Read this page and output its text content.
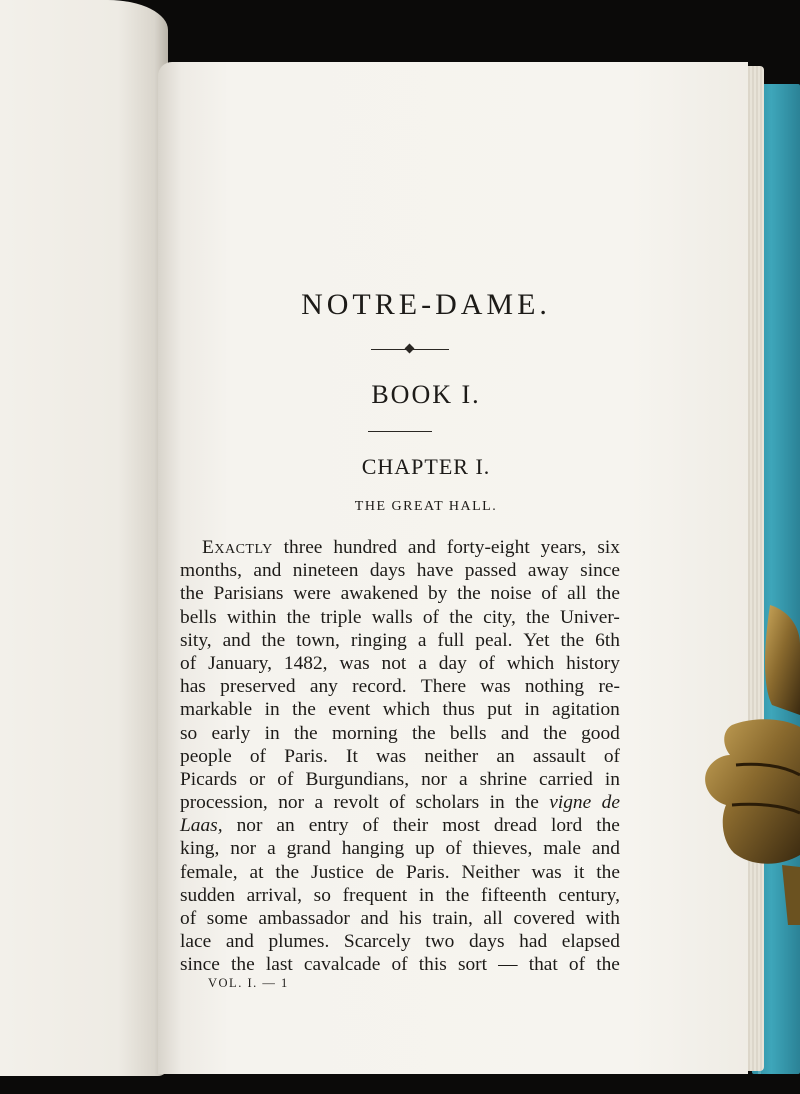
NOTRE-DAME.
BOOK I.
CHAPTER I.
THE GREAT HALL.
Exactly three hundred and forty-eight years, six
months, and nineteen days have passed away since
the Parisians were awakened by the noise of all the
bells within the triple walls of the city, the Univer-
sity, and the town, ringing a full peal. Yet the 6th
of January, 1482, was not a day of which history
has preserved any record. There was nothing re-
markable in the event which thus put in agitation
so early in the morning the bells and the good
people of Paris. It was neither an assault of
Picards or of Burgundians, nor a shrine carried in
procession, nor a revolt of scholars in the vigne de
Laas, nor an entry of their most dread lord the
king, nor a grand hanging up of thieves, male and
female, at the Justice de Paris. Neither was it the
sudden arrival, so frequent in the fifteenth century,
of some ambassador and his train, all covered with
lace and plumes. Scarcely two days had elapsed
since the last cavalcade of this sort — that of the
VOL. I. — 1
